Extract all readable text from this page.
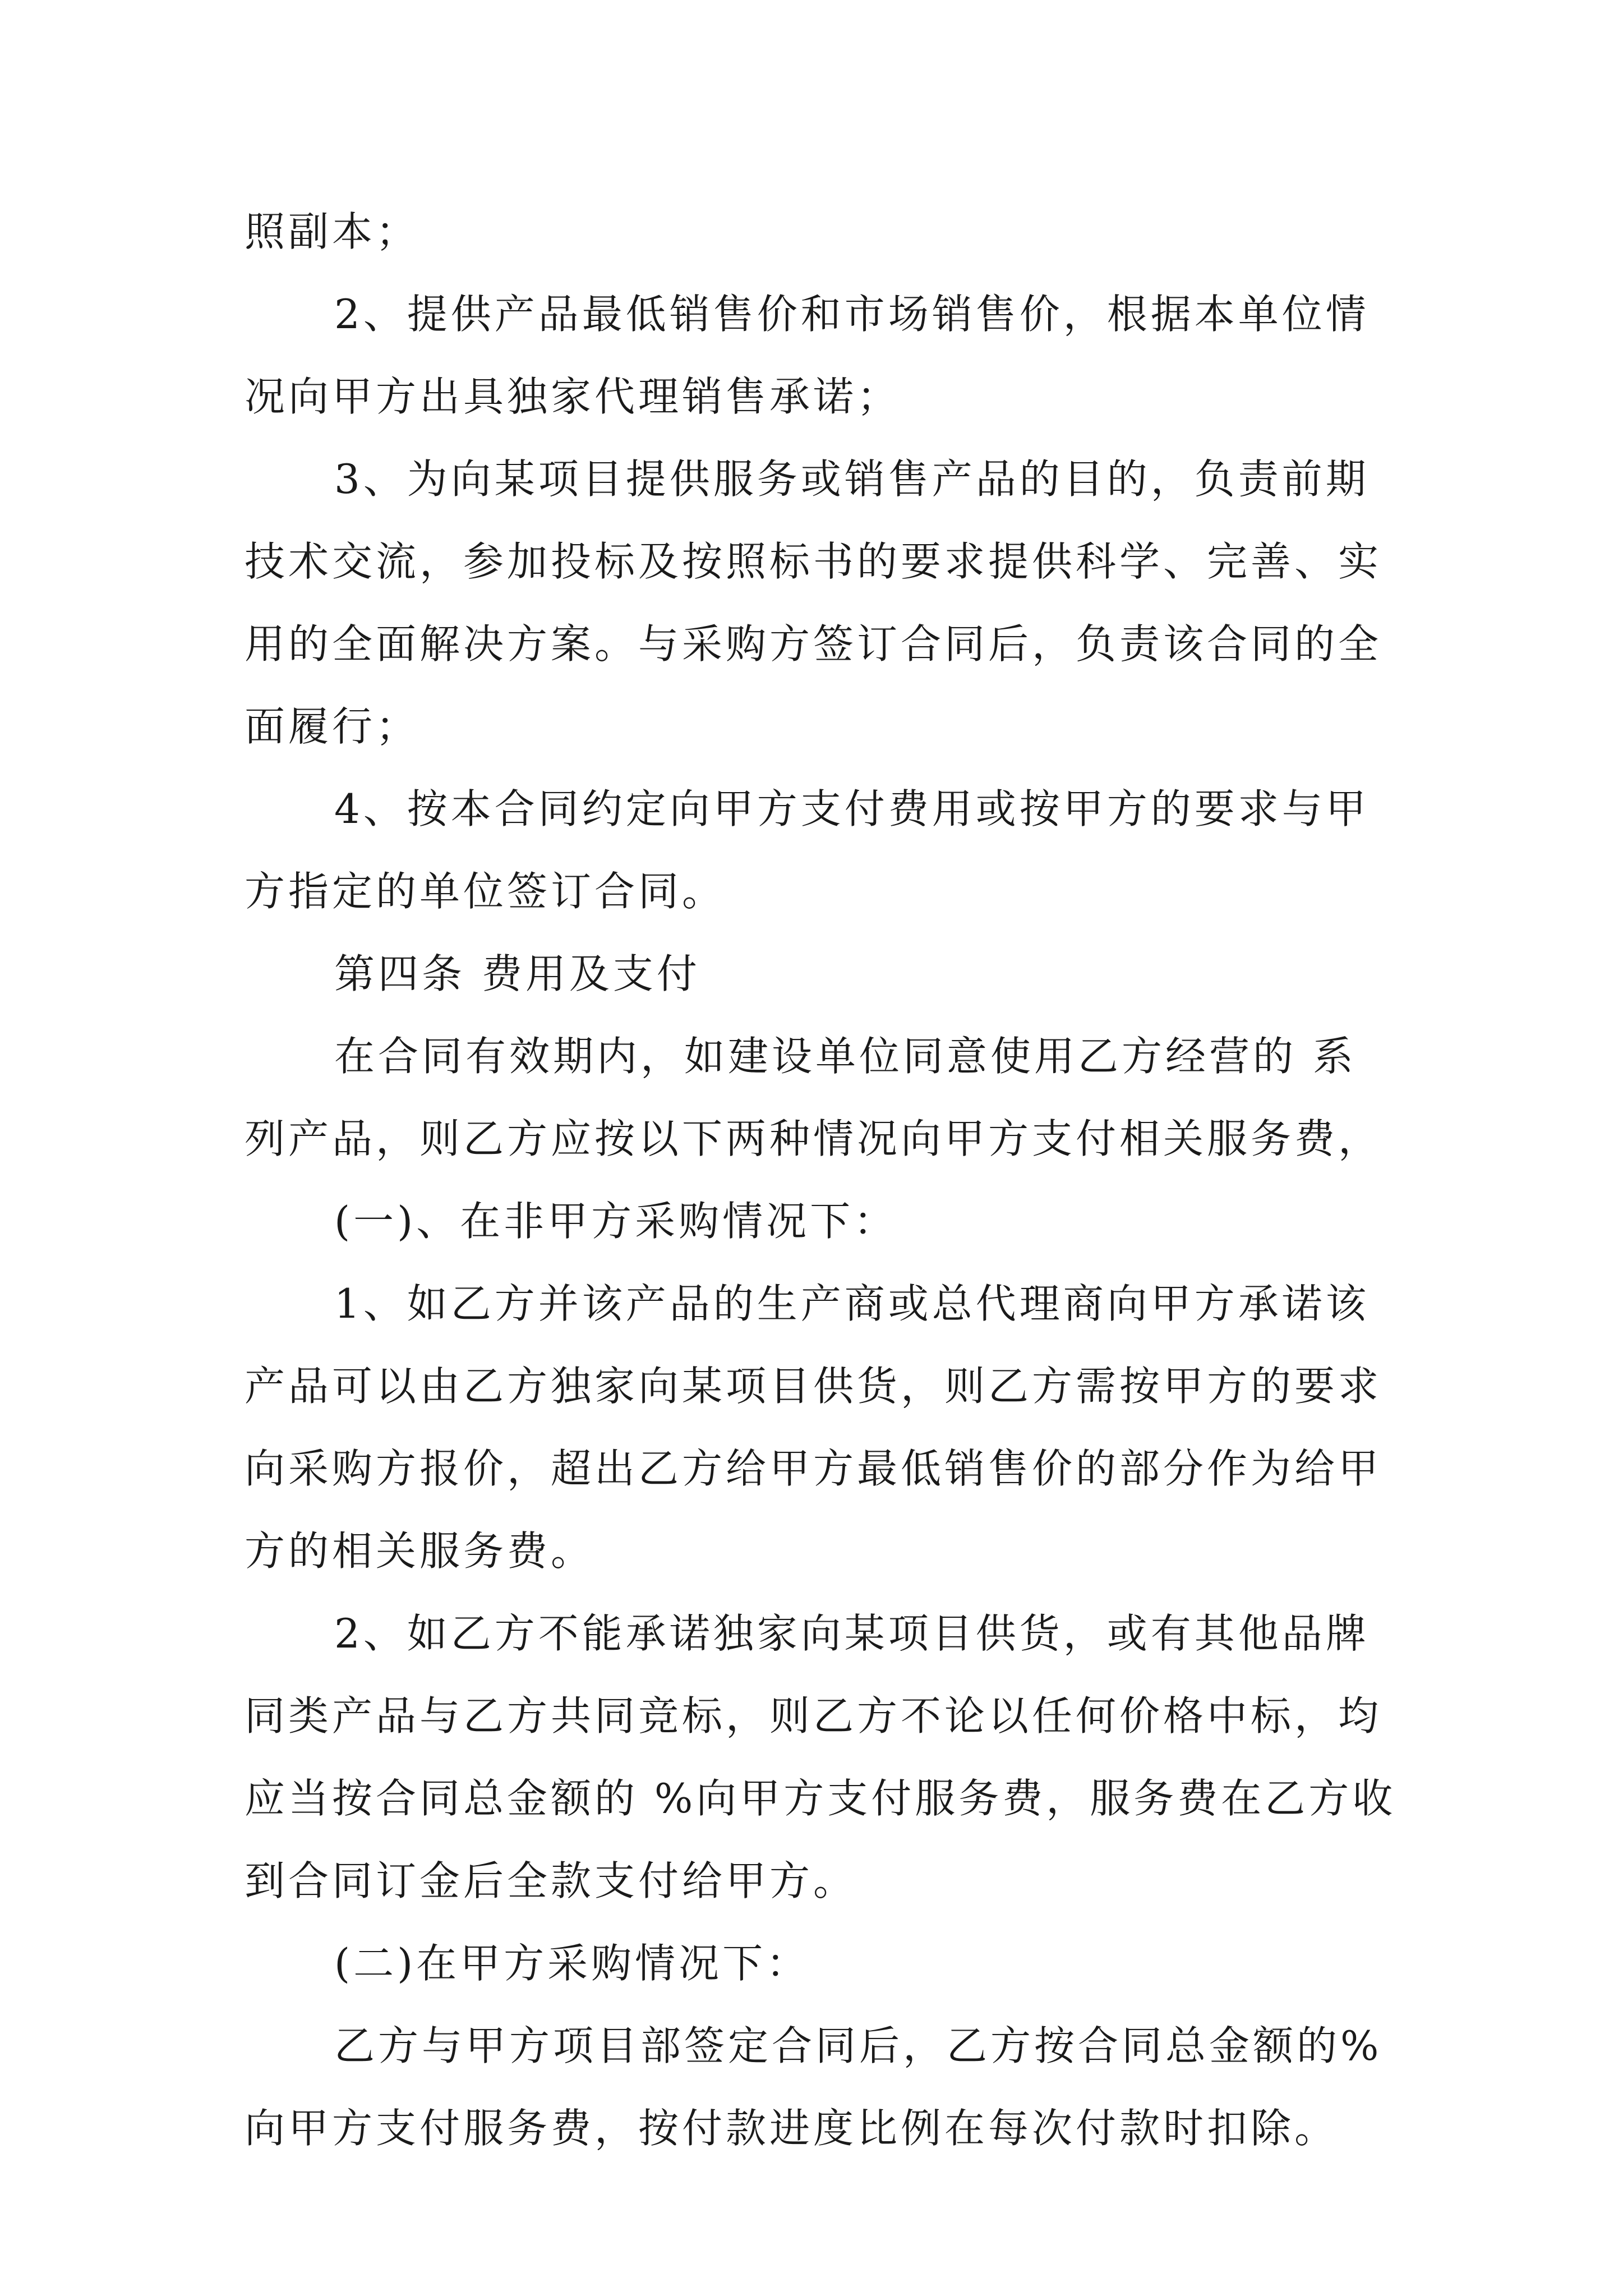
照副本；
2、提供产品最低销售价和市场销售价，根据本单位情
况向甲方出具独家代理销售承诺；
3、为向某项目提供服务或销售产品的目的，负责前期
技术交流，参加投标及按照标书的要求提供科学、完善、实
用的全面解决方案。与采购方签订合同后，负责该合同的全
面履行；
4、按本合同约定向甲方支付费用或按甲方的要求与甲
方指定的单位签订合同。
第四条 费用及支付
在合同有效期内，如建设单位同意使用乙方经营的 系
列产品，则乙方应按以下两种情况向甲方支付相关服务费，
(一)、在非甲方采购情况下：
1、如乙方并该产品的生产商或总代理商向甲方承诺该
产品可以由乙方独家向某项目供货，则乙方需按甲方的要求
向采购方报价，超出乙方给甲方最低销售价的部分作为给甲
方的相关服务费。
2、如乙方不能承诺独家向某项目供货，或有其他品牌
同类产品与乙方共同竞标，则乙方不论以任何价格中标，均
应当按合同总金额的 %向甲方支付服务费，服务费在乙方收
到合同订金后全款支付给甲方。
(二)在甲方采购情况下：
乙方与甲方项目部签定合同后，乙方按合同总金额的%
向甲方支付服务费，按付款进度比例在每次付款时扣除。
